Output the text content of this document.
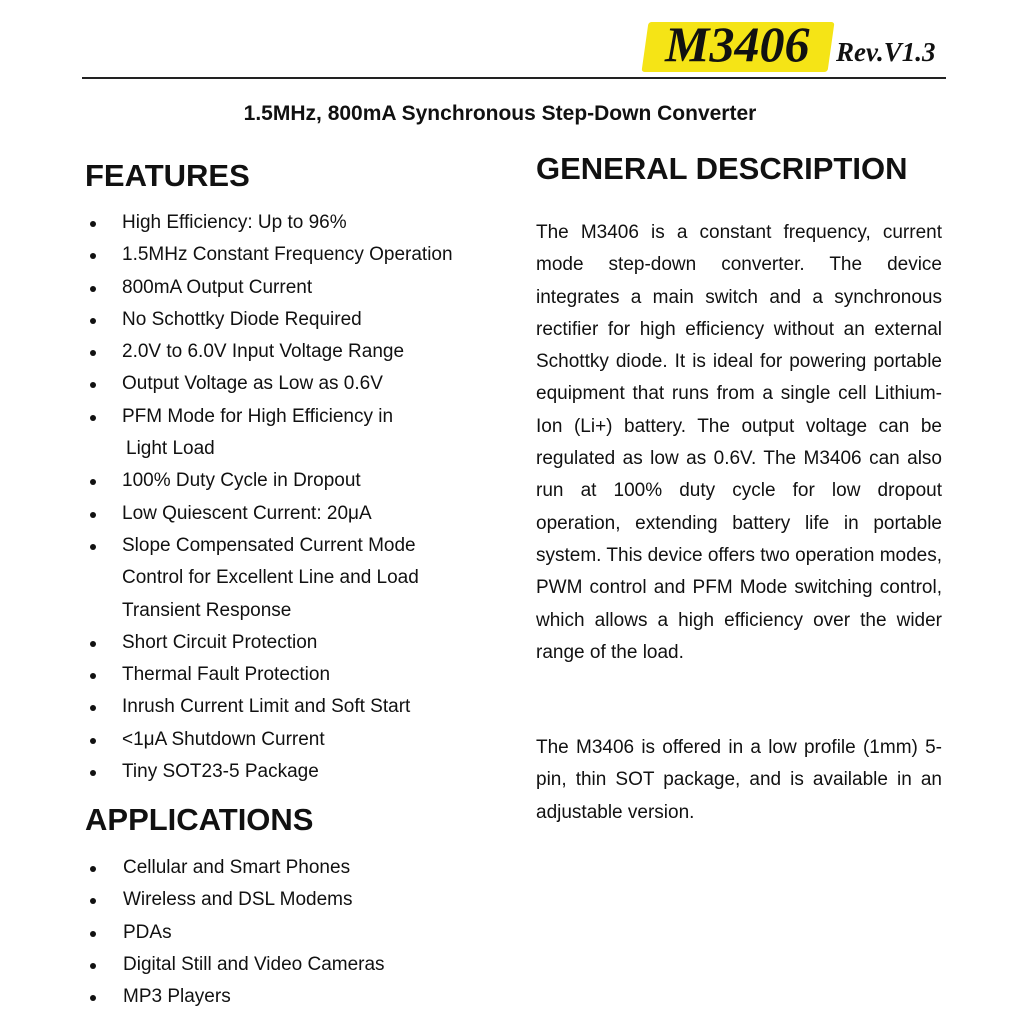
M3406 Rev.V1.3
1.5MHz, 800mA Synchronous Step-Down Converter
FEATURES
High Efficiency: Up to 96%
1.5MHz Constant Frequency Operation
800mA Output Current
No Schottky Diode Required
2.0V to 6.0V Input Voltage Range
Output Voltage as Low as 0.6V
PFM Mode for High Efficiency in
Light Load
100% Duty Cycle in Dropout
Low Quiescent Current: 20μA
Slope Compensated Current Mode
Control for Excellent Line and Load
Transient Response
Short Circuit Protection
Thermal Fault Protection
Inrush Current Limit and Soft Start
<1μA Shutdown Current
Tiny SOT23-5 Package
APPLICATIONS
Cellular and Smart Phones
Wireless and DSL Modems
PDAs
Digital Still and Video Cameras
MP3 Players
GENERAL DESCRIPTION

The M3406 is a constant frequency, current mode step-down converter. The device integrates a main switch and a synchronous rectifier for high efficiency without an external Schottky diode. It is ideal for powering portable equipment that runs from a single cell Lithium-Ion (Li+) battery. The output voltage can be regulated as low as 0.6V. The M3406 can also run at 100% duty cycle for low dropout operation, extending battery life in portable system. This device offers two operation modes, PWM control and PFM Mode switching control, which allows a high efficiency over the wider range of the load.

The M3406 is offered in a low profile (1mm) 5-pin, thin SOT package, and is available in an adjustable version.
